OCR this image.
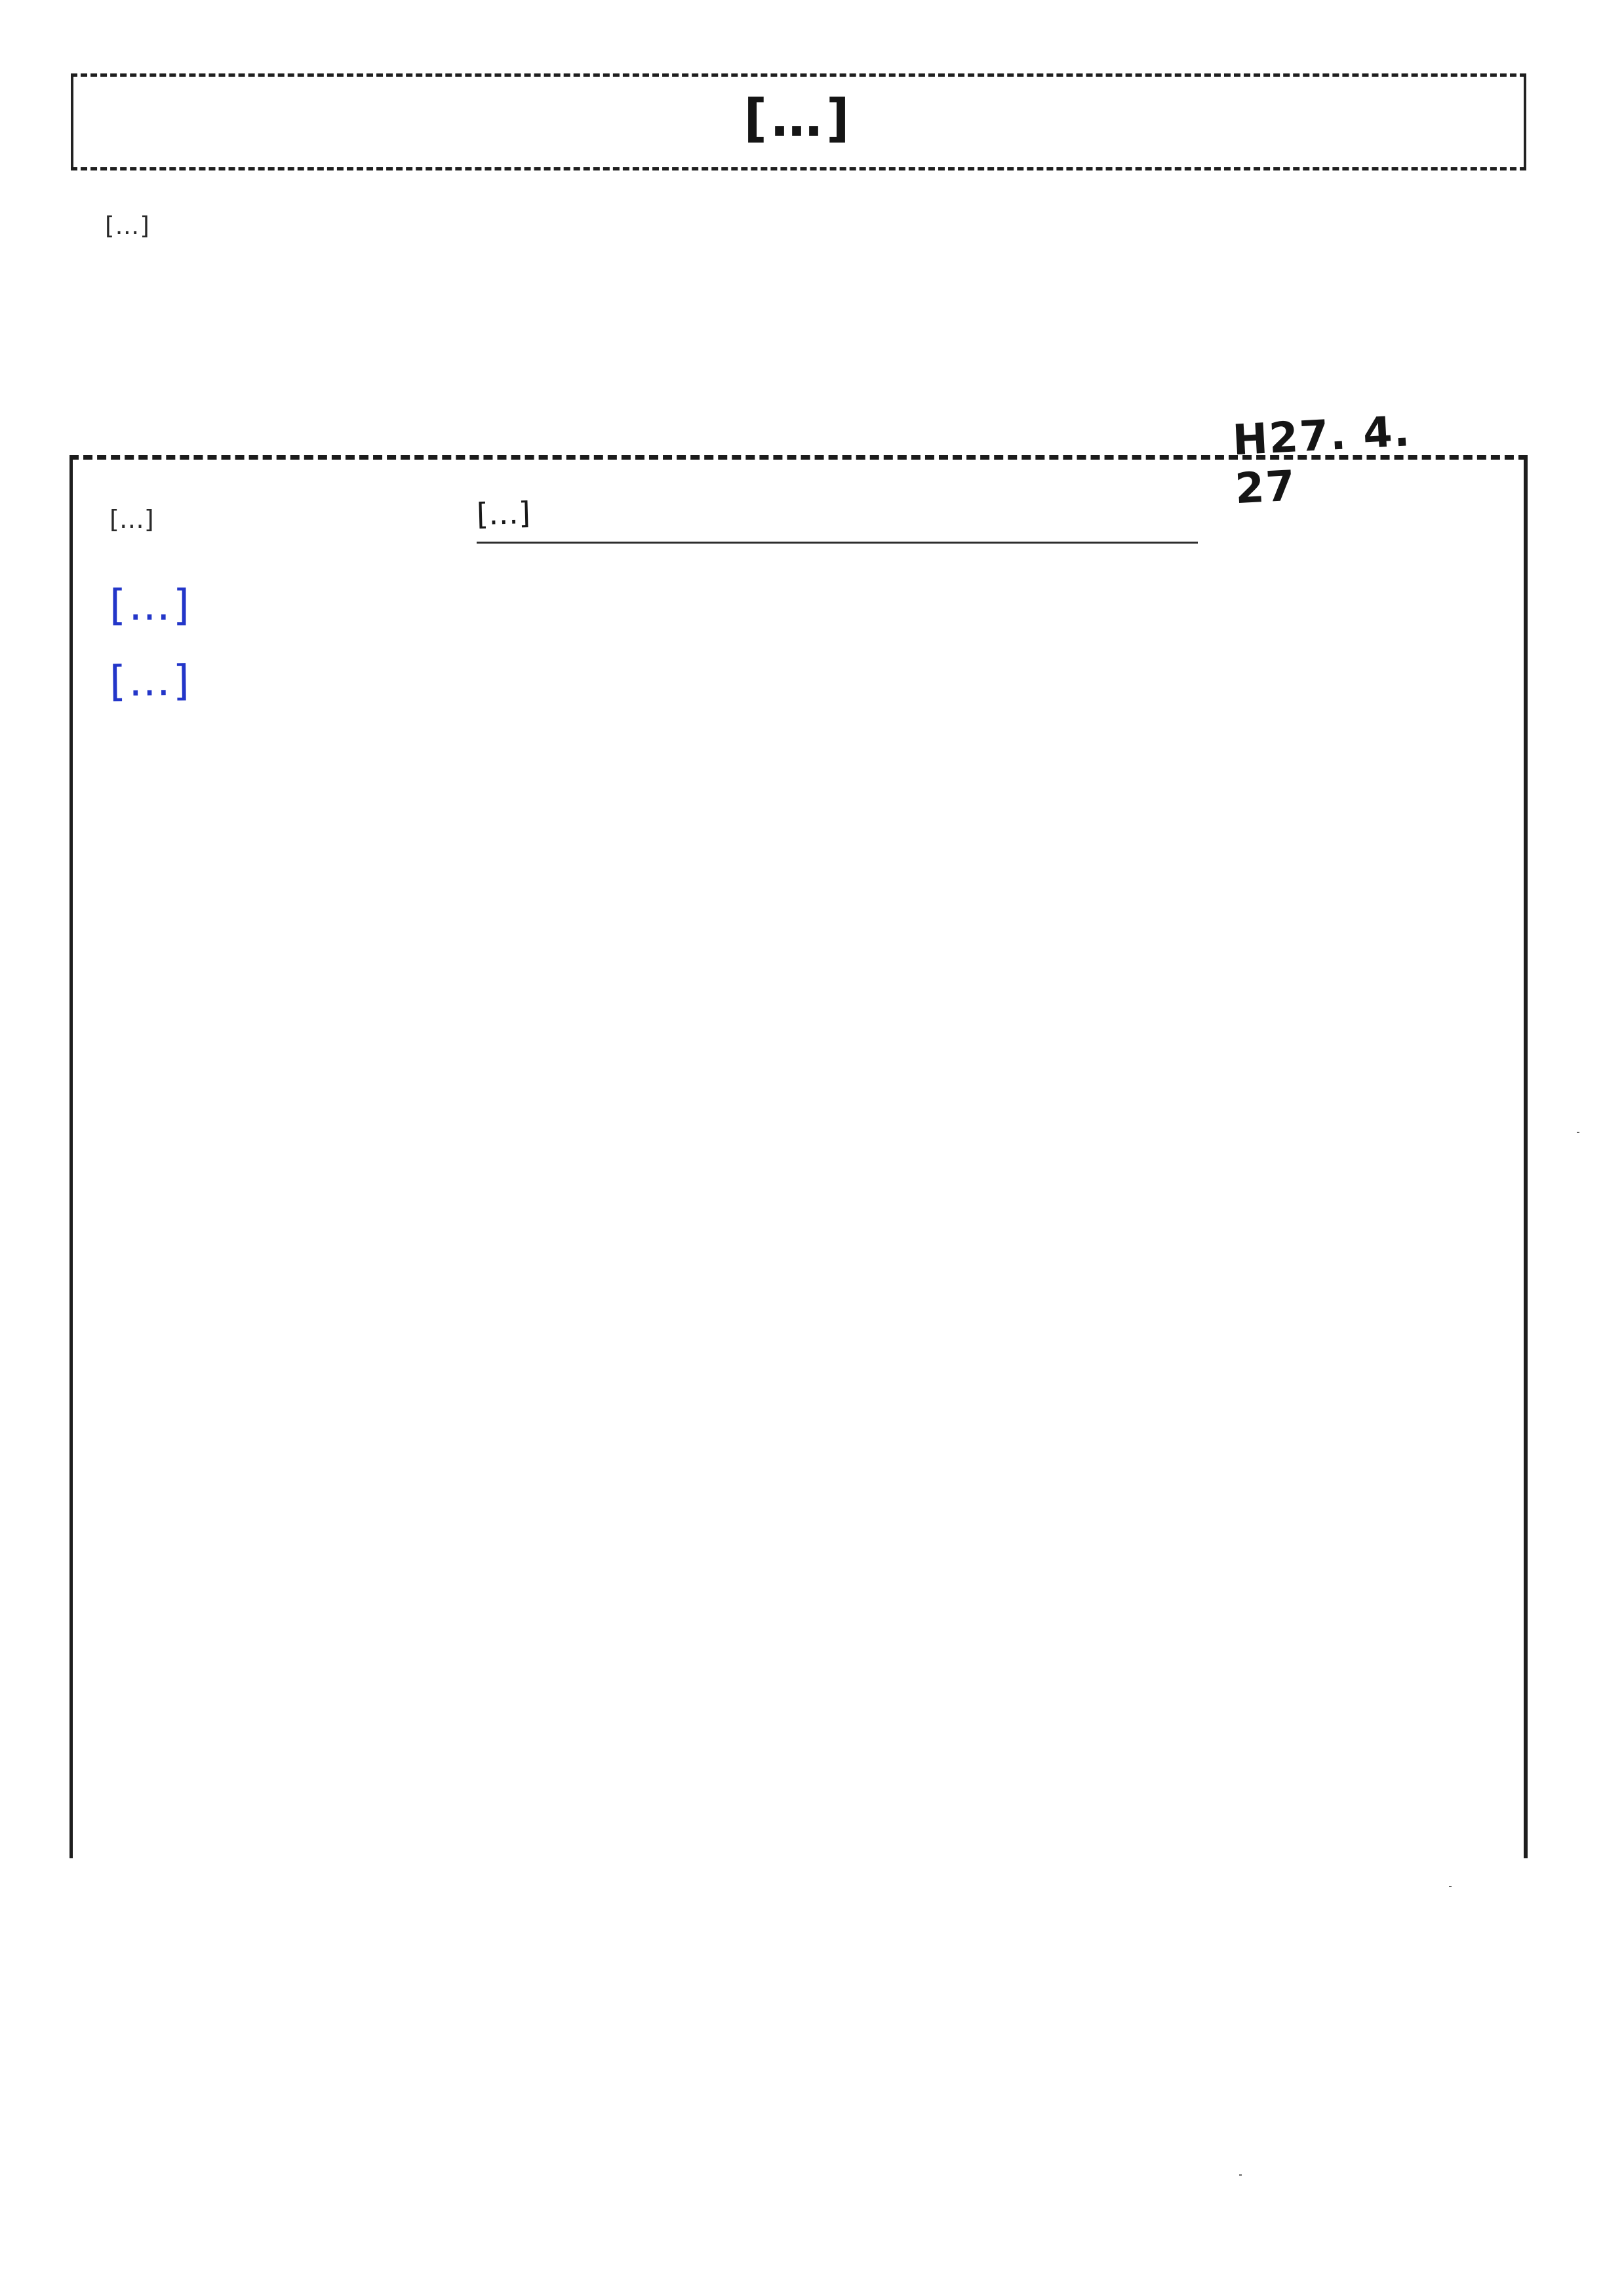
[…]
[…]
H27. 4. 27
[…]	[…]
[…]
[…]
